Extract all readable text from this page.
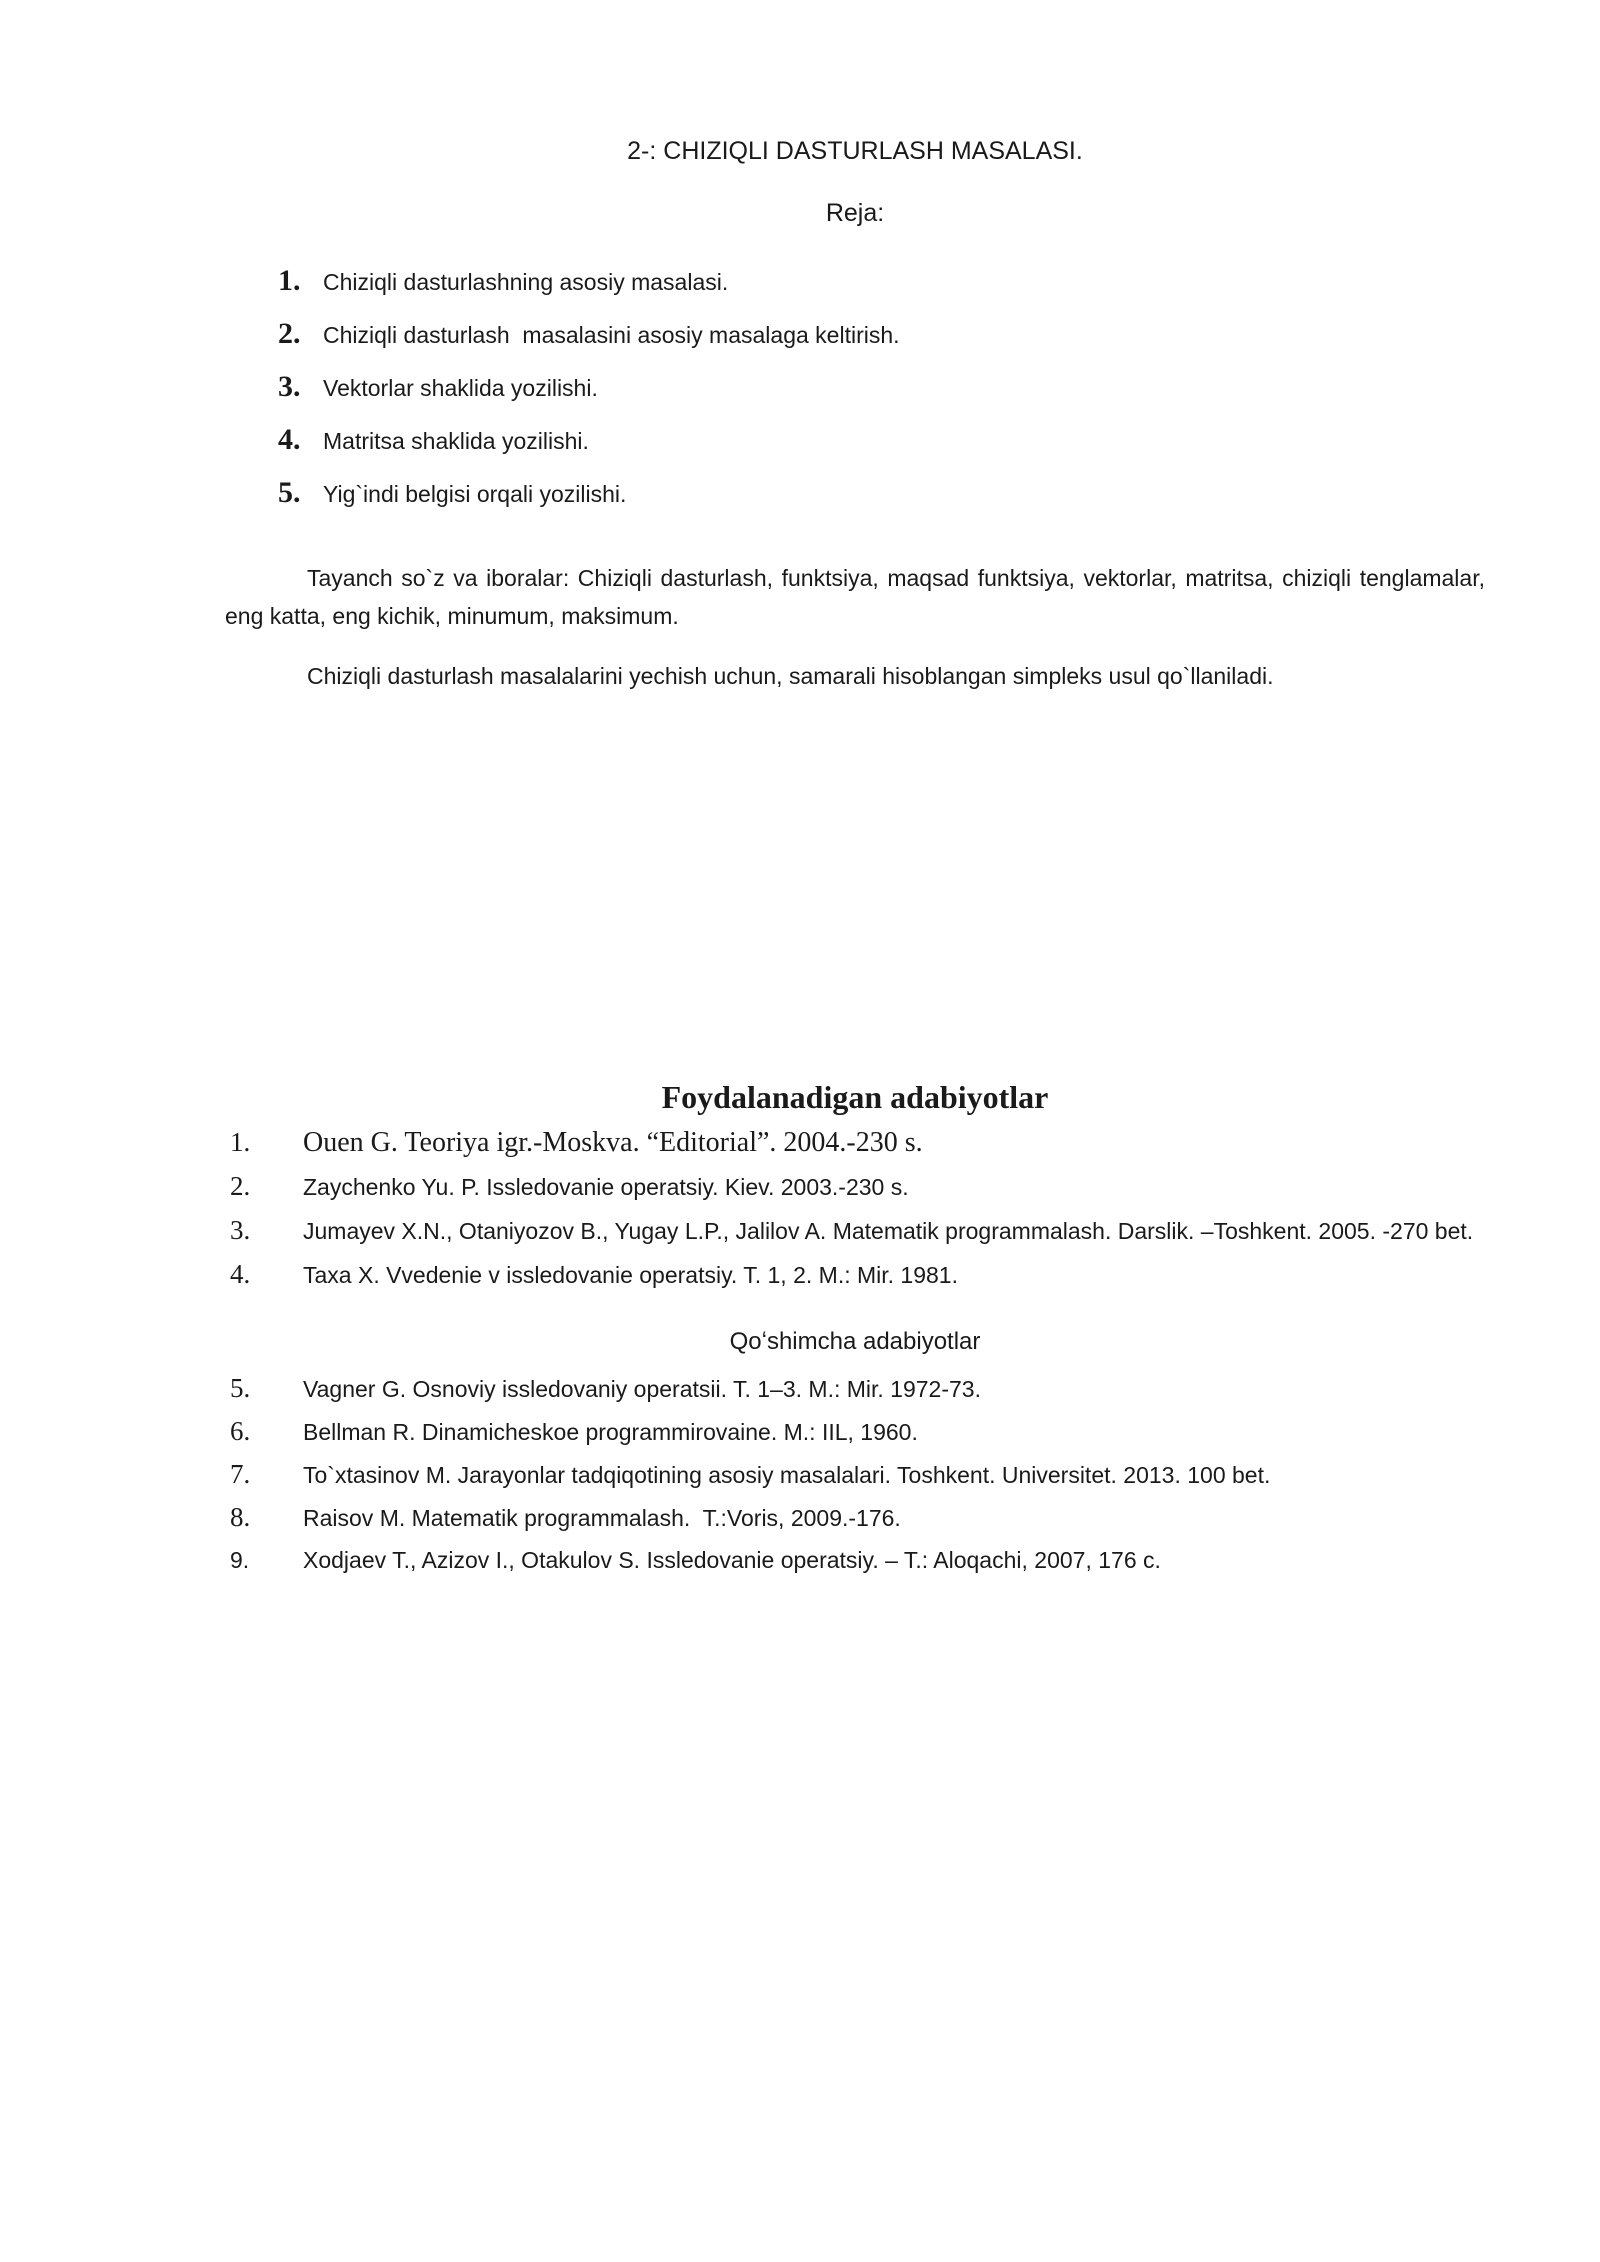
2-: CHIZIQLI DASTURLASH MASALASI.
Reja:
1. Chiziqli dasturlashning asosiy masalasi.
2. Chiziqli dasturlash  masalasini asosiy masalaga keltirish.
3. Vektorlar shaklida yozilishi.
4. Matritsa shaklida yozilishi.
5. Yig`indi belgisi orqali yozilishi.
Tayanch so`z va iboralar: Chiziqli dasturlash, funktsiya, maqsad funktsiya, vektorlar, matritsa, chiziqli tenglamalar, eng katta, eng kichik, minumum, maksimum.
Chiziqli dasturlash masalalarini yechish uchun, samarali hisoblangan simpleks usul qo`llaniladi.
Foydalanadigan adabiyotlar
1.	Ouen G. Teoriya igr.-Moskva. “Editorial”. 2004.-230 s.
2.	Zaychenko Yu. P. Issledovanie operatsiy. Kiev. 2003.-230 s.
3.	Jumayev X.N., Otaniyozov B., Yugay L.P., Jalilov A. Matematik programmalash. Darslik. –Toshkent. 2005. -270 bet.
4.	Taxa X. Vvedenie v issledovanie operatsiy. T. 1, 2. M.: Mir. 1981.
Qoʻshimcha adabiyotlar
5.	Vagner G. Osnoviy issledovaniy operatsii. T. 1–3. M.: Mir. 1972-73.
6.	Bellman R. Dinamicheskoe programmirovaine. M.: IIL, 1960.
7.	To`xtasinov M. Jarayonlar tadqiqotining asosiy masalalari. Toshkent. Universitet. 2013. 100 bet.
8.	Raisov M. Matematik programmalash.  T.:Voris, 2009.-176.
9.	Xodjaev T., Azizov I., Otakulov S. Issledovanie operatsiy. – T.: Aloqachi, 2007, 176 c.
